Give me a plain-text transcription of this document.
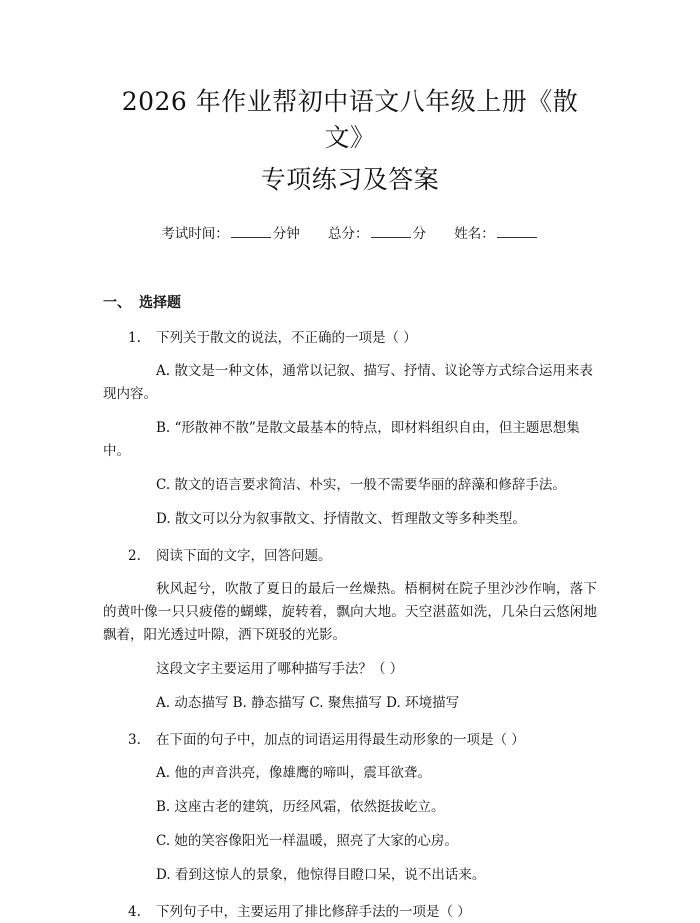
2026 年作业帮初中语文八年级上册《散文》
专项练习及答案
考试时间：	分钟 总分：	分 姓名：
一、 选择题
1. 下列关于散文的说法，不正确的一项是（ ）
A. 散文是一种文体，通常以记叙、描写、抒情、议论等方式综合运用来表现内容。
B. “形散神不散”是散文最基本的特点，即材料组织自由，但主题思想集中。
C. 散文的语言要求简洁、朴实，一般不需要华丽的辞藻和修辞手法。
D. 散文可以分为叙事散文、抒情散文、哲理散文等多种类型。
2. 阅读下面的文字，回答问题。
秋风起兮，吹散了夏日的最后一丝燥热。梧桐树在院子里沙沙作响，落下的黄叶像一只只疲倦的蝴蝶，旋转着，飘向大地。天空湛蓝如洗，几朵白云悠闲地飘着，阳光透过叶隙，洒下斑驳的光影。
这段文字主要运用了哪种描写手法？（ ）
A. 动态描写 B. 静态描写 C. 聚焦描写 D. 环境描写
3. 在下面的句子中，加点的词语运用得最生动形象的一项是（ ）
A. 他的声音洪亮，像雄鹰的啼叫，震耳欲聋。
B. 这座古老的建筑，历经风霜，依然挺拔屹立。
C. 她的笑容像阳光一样温暖，照亮了大家的心房。
D. 看到这惊人的景象，他惊得目瞪口呆，说不出话来。
4. 下列句子中，主要运用了排比修辞手法的一项是（ ）
